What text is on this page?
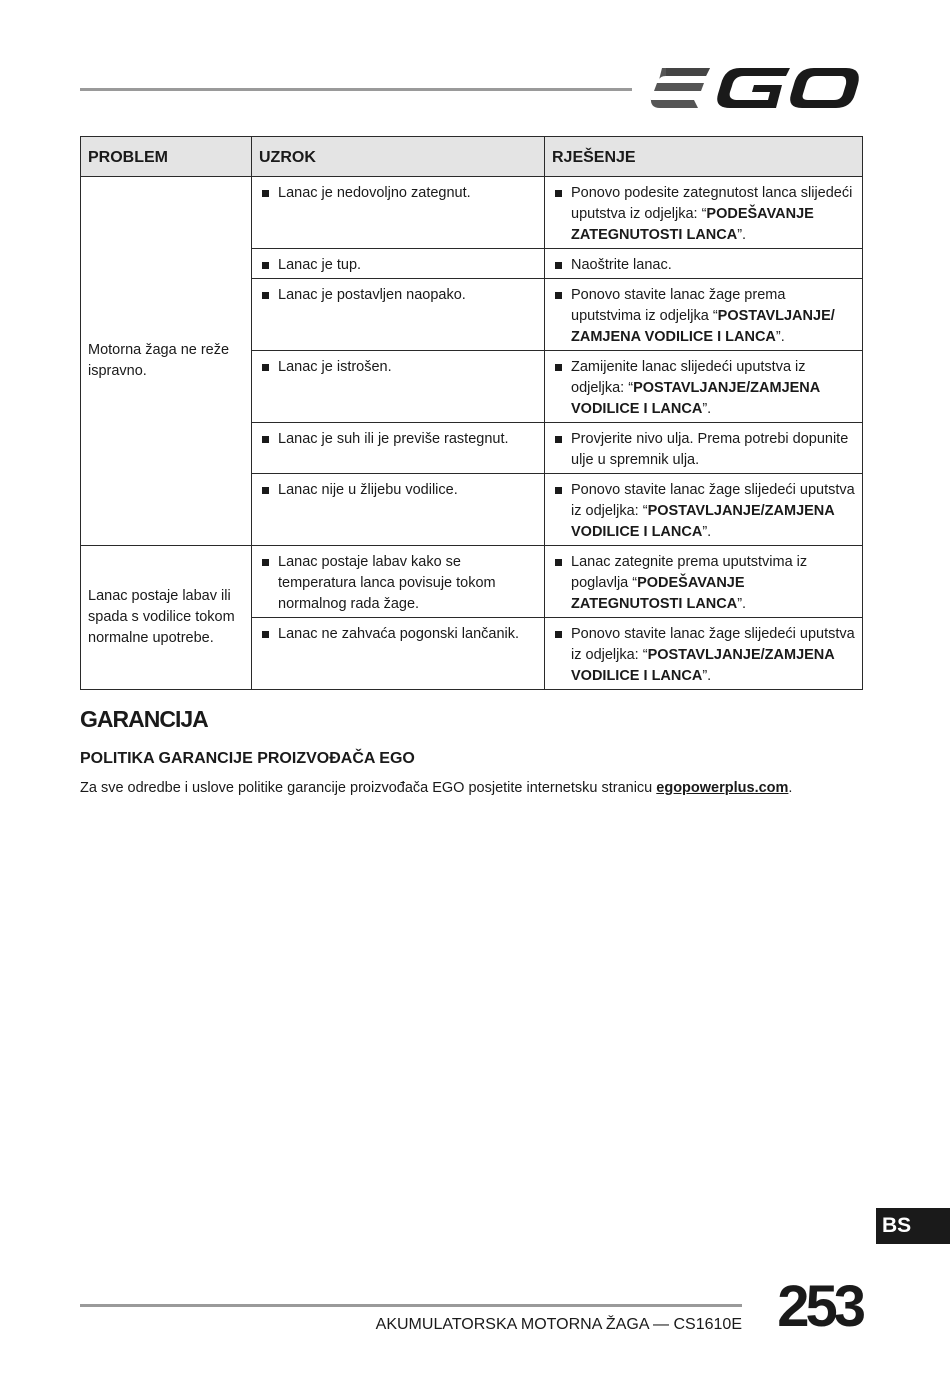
PROBLEM	UZROK	RJEŠENJE
Motorna žaga ne reže ispravno.	Lanac je nedovoljno zategnut.	Ponovo podesite zategnutost lanca slijedeći uputstva iz odjeljka: “PODEŠAVANJE ZATEGNUTOSTI LANCA”.

	Lanac je tup.	Naoštrite lanac.

	Lanac je postavljen naopako.	Ponovo stavite lanac žage prema uputstvima iz odjeljka “POSTAVLJANJE/ ZAMJENA VODILICE I LANCA”.

	Lanac je istrošen.	Zamijenite lanac slijedeći uputstva iz odjeljka: “POSTAVLJANJE/ZAMJENA VODILICE I LANCA”.

	Lanac je suh ili je previše rastegnut.	Provjerite nivo ulja. Prema potrebi dopunite ulje u spremnik ulja.

	Lanac nije u žlijebu vodilice.	Ponovo stavite lanac žage slijedeći uputstva iz odjeljka: “POSTAVLJANJE/ZAMJENA VODILICE I LANCA”.

Lanac postaje labav ili spada s vodilice tokom normalne upotrebe.	Lanac postaje labav kako se temperatura lanca povisuje tokom normalnog rada žage.	Lanac zategnite prema uputstvima iz poglavlja “PODEŠAVANJE ZATEGNUTOSTI LANCA”.

	Lanac ne zahvaća pogonski lančanik.	Ponovo stavite lanac žage slijedeći uputstva iz odjeljka: “POSTAVLJANJE/ZAMJENA VODILICE I LANCA”.
GARANCIJA
POLITIKA GARANCIJE PROIZVOĐAČA EGO

Za sve odredbe i uslove politike garancije proizvođača EGO posjetite internetsku stranicu egopowerplus.com.

BS
AKUMULATORSKA MOTORNA ŽAGA — CS1610E 253
